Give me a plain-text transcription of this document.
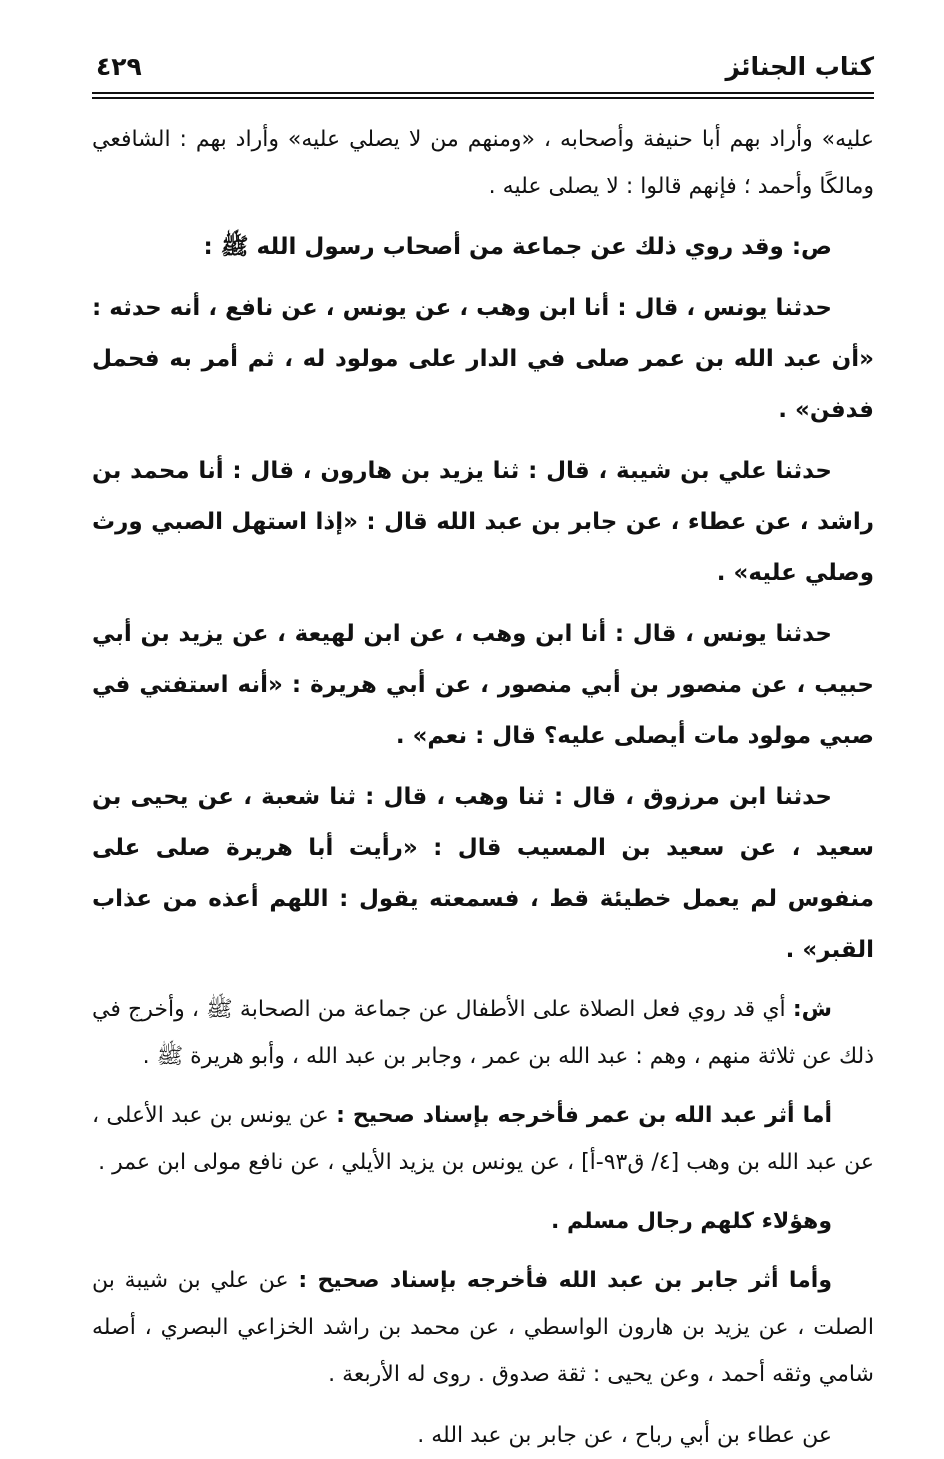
كتاب الجنائز
٤٢٩

عليه» وأراد بهم أبا حنيفة وأصحابه ، «ومنهم من لا يصلي عليه» وأراد بهم : الشافعي ومالكًا وأحمد ؛ فإنهم قالوا : لا يصلى عليه .

ص: وقد روي ذلك عن جماعة من أصحاب رسول الله ﷺ :

حدثنا يونس ، قال : أنا ابن وهب ، عن يونس ، عن نافع ، أنه حدثه : «أن عبد الله بن عمر صلى في الدار على مولود له ، ثم أمر به فحمل فدفن» .

حدثنا علي بن شيبة ، قال : ثنا يزيد بن هارون ، قال : أنا محمد بن راشد ، عن عطاء ، عن جابر بن عبد الله قال : «إذا استهل الصبي ورث وصلي عليه» .

حدثنا يونس ، قال : أنا ابن وهب ، عن ابن لهيعة ، عن يزيد بن أبي حبيب ، عن منصور بن أبي منصور ، عن أبي هريرة : «أنه استفتي في صبي مولود مات أيصلى عليه؟ قال : نعم» .

حدثنا ابن مرزوق ، قال : ثنا وهب ، قال : ثنا شعبة ، عن يحيى بن سعيد ، عن سعيد بن المسيب قال : «رأيت أبا هريرة صلى على منفوس لم يعمل خطيئة قط ، فسمعته يقول : اللهم أعذه من عذاب القبر» .

ش: أي قد روي فعل الصلاة على الأطفال عن جماعة من الصحابة ﷺ ، وأخرج في ذلك عن ثلاثة منهم ، وهم : عبد الله بن عمر ، وجابر بن عبد الله ، وأبو هريرة ﷺ .

أما أثر عبد الله بن عمر فأخرجه بإسناد صحيح : عن يونس بن عبد الأعلى ، عن عبد الله بن وهب [٤/ ق٩٣-أ] ، عن يونس بن يزيد الأيلي ، عن نافع مولى ابن عمر .

وهؤلاء كلهم رجال مسلم .

وأما أثر جابر بن عبد الله فأخرجه بإسناد صحيح : عن علي بن شيبة بن الصلت ، عن يزيد بن هارون الواسطي ، عن محمد بن راشد الخزاعي البصري ، أصله شامي وثقه أحمد ، وعن يحيى : ثقة صدوق . روى له الأربعة .

عن عطاء بن أبي رباح ، عن جابر بن عبد الله .
